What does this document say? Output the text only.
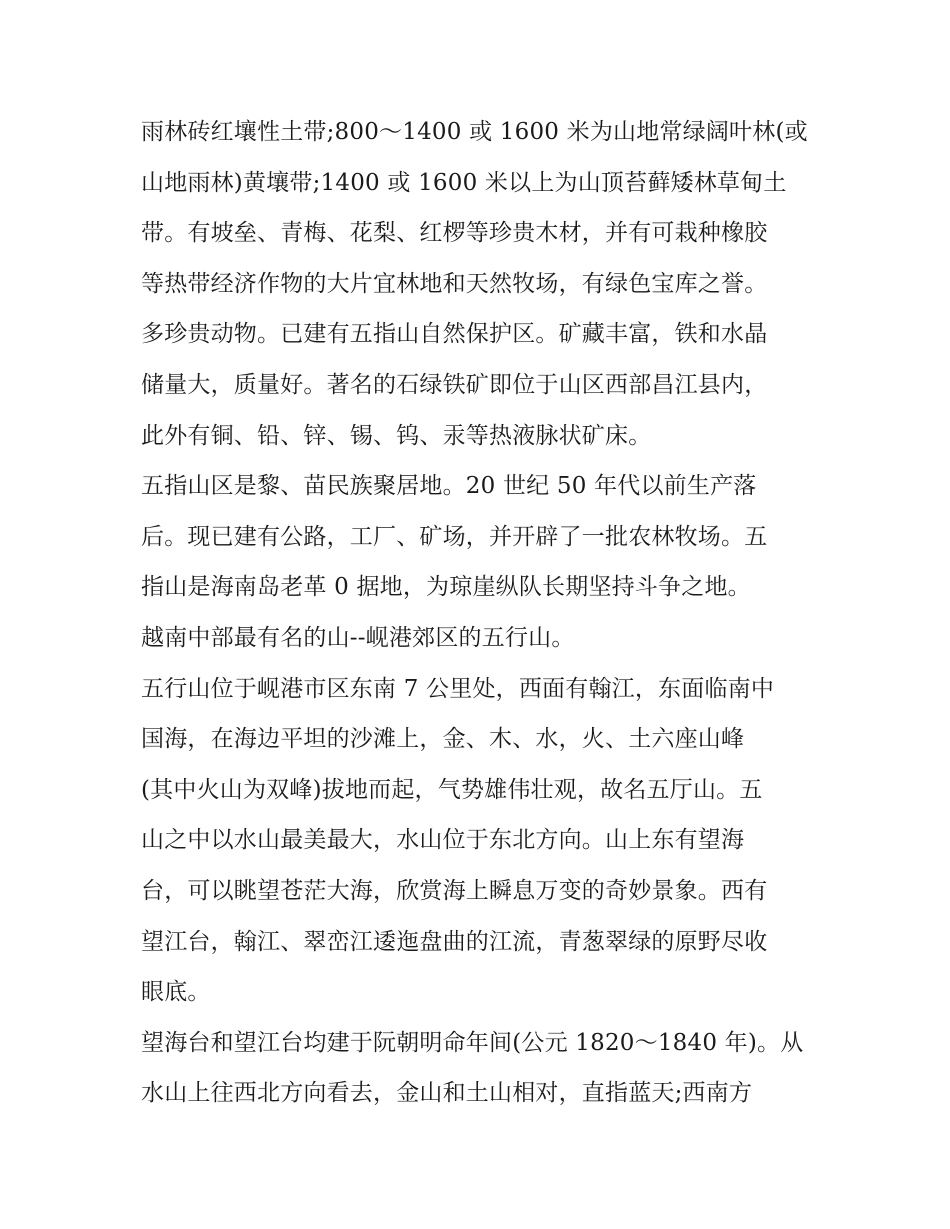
雨林砖红壤性土带;800～1400 或 1600 米为山地常绿阔叶林(或
山地雨林)黄壤带;1400 或 1600 米以上为山顶苔藓矮林草甸土
带。有坡垒、青梅、花梨、红椤等珍贵木材，并有可栽种橡胶
等热带经济作物的大片宜林地和天然牧场，有绿色宝库之誉。
多珍贵动物。已建有五指山自然保护区。矿藏丰富，铁和水晶
储量大，质量好。著名的石绿铁矿即位于山区西部昌江县内，
此外有铜、铅、锌、锡、钨、汞等热液脉状矿床。
五指山区是黎、苗民族聚居地。20 世纪 50 年代以前生产落
后。现已建有公路，工厂、矿场，并开辟了一批农林牧场。五
指山是海南岛老革 0 据地，为琼崖纵队长期坚持斗争之地。
越南中部最有名的山--岘港郊区的五行山。
五行山位于岘港市区东南 7 公里处，西面有翰江，东面临南中
国海，在海边平坦的沙滩上，金、木、水，火、土六座山峰
(其中火山为双峰)拔地而起，气势雄伟壮观，故名五厅山。五
山之中以水山最美最大，水山位于东北方向。山上东有望海
台，可以眺望苍茫大海，欣赏海上瞬息万变的奇妙景象。西有
望江台，翰江、翠峦江逶迤盘曲的江流，青葱翠绿的原野尽收
眼底。
望海台和望江台均建于阮朝明命年间(公元 1820～1840 年)。从
水山上往西北方向看去，金山和土山相对，直指蓝天;西南方
